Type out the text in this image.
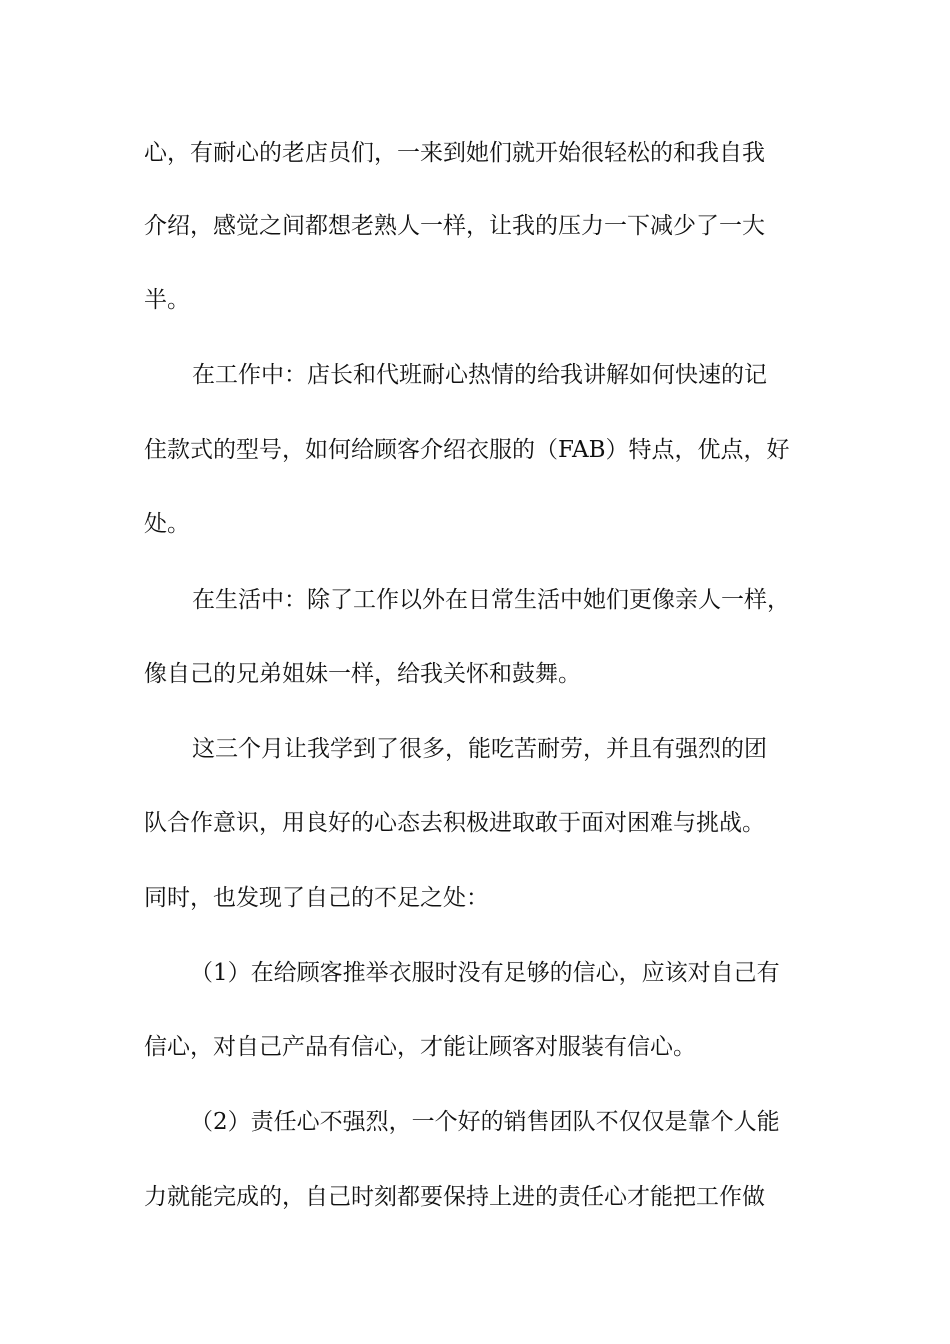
心，有耐心的老店员们，一来到她们就开始很轻松的和我自我
介绍，感觉之间都想老熟人一样，让我的压力一下减少了一大
半。
在工作中：店长和代班耐心热情的给我讲解如何快速的记
住款式的型号，如何给顾客介绍衣服的（FAB）特点，优点，好
处。
在生活中：除了工作以外在日常生活中她们更像亲人一样，
像自己的兄弟姐妹一样，给我关怀和鼓舞。
这三个月让我学到了很多，能吃苦耐劳，并且有强烈的团
队合作意识，用良好的心态去积极进取敢于面对困难与挑战。
同时，也发现了自己的不足之处：
（1）在给顾客推举衣服时没有足够的信心，应该对自己有
信心，对自己产品有信心，才能让顾客对服装有信心。
（2）责任心不强烈，一个好的销售团队不仅仅是靠个人能
力就能完成的，自己时刻都要保持上进的责任心才能把工作做
